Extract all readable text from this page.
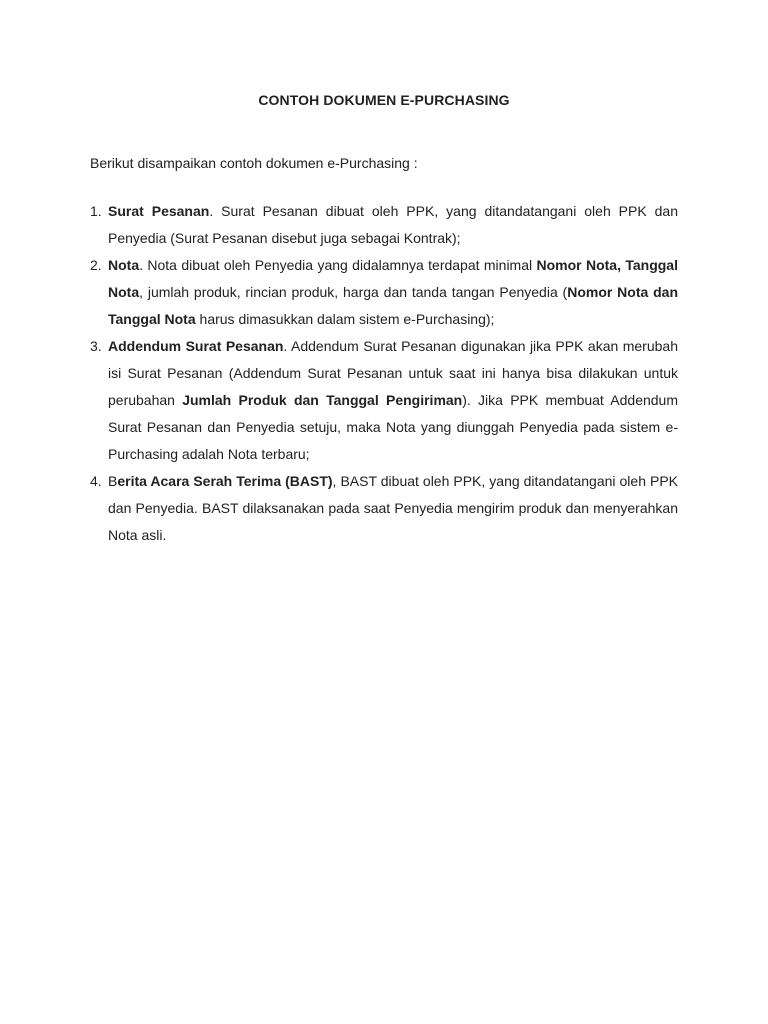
CONTOH DOKUMEN E-PURCHASING
Berikut disampaikan contoh dokumen e-Purchasing :
1. Surat Pesanan. Surat Pesanan dibuat oleh PPK, yang ditandatangani oleh PPK dan Penyedia (Surat Pesanan disebut juga sebagai Kontrak);
2. Nota. Nota dibuat oleh Penyedia yang didalamnya terdapat minimal Nomor Nota, Tanggal Nota, jumlah produk, rincian produk, harga dan tanda tangan Penyedia (Nomor Nota dan Tanggal Nota harus dimasukkan dalam sistem e-Purchasing);
3. Addendum Surat Pesanan. Addendum Surat Pesanan digunakan jika PPK akan merubah isi Surat Pesanan (Addendum Surat Pesanan untuk saat ini hanya bisa dilakukan untuk perubahan Jumlah Produk dan Tanggal Pengiriman). Jika PPK membuat Addendum Surat Pesanan dan Penyedia setuju, maka Nota yang diunggah Penyedia pada sistem e-Purchasing adalah Nota terbaru;
4. Berita Acara Serah Terima (BAST), BAST dibuat oleh PPK, yang ditandatangani oleh PPK dan Penyedia. BAST dilaksanakan pada saat Penyedia mengirim produk dan menyerahkan Nota asli.
